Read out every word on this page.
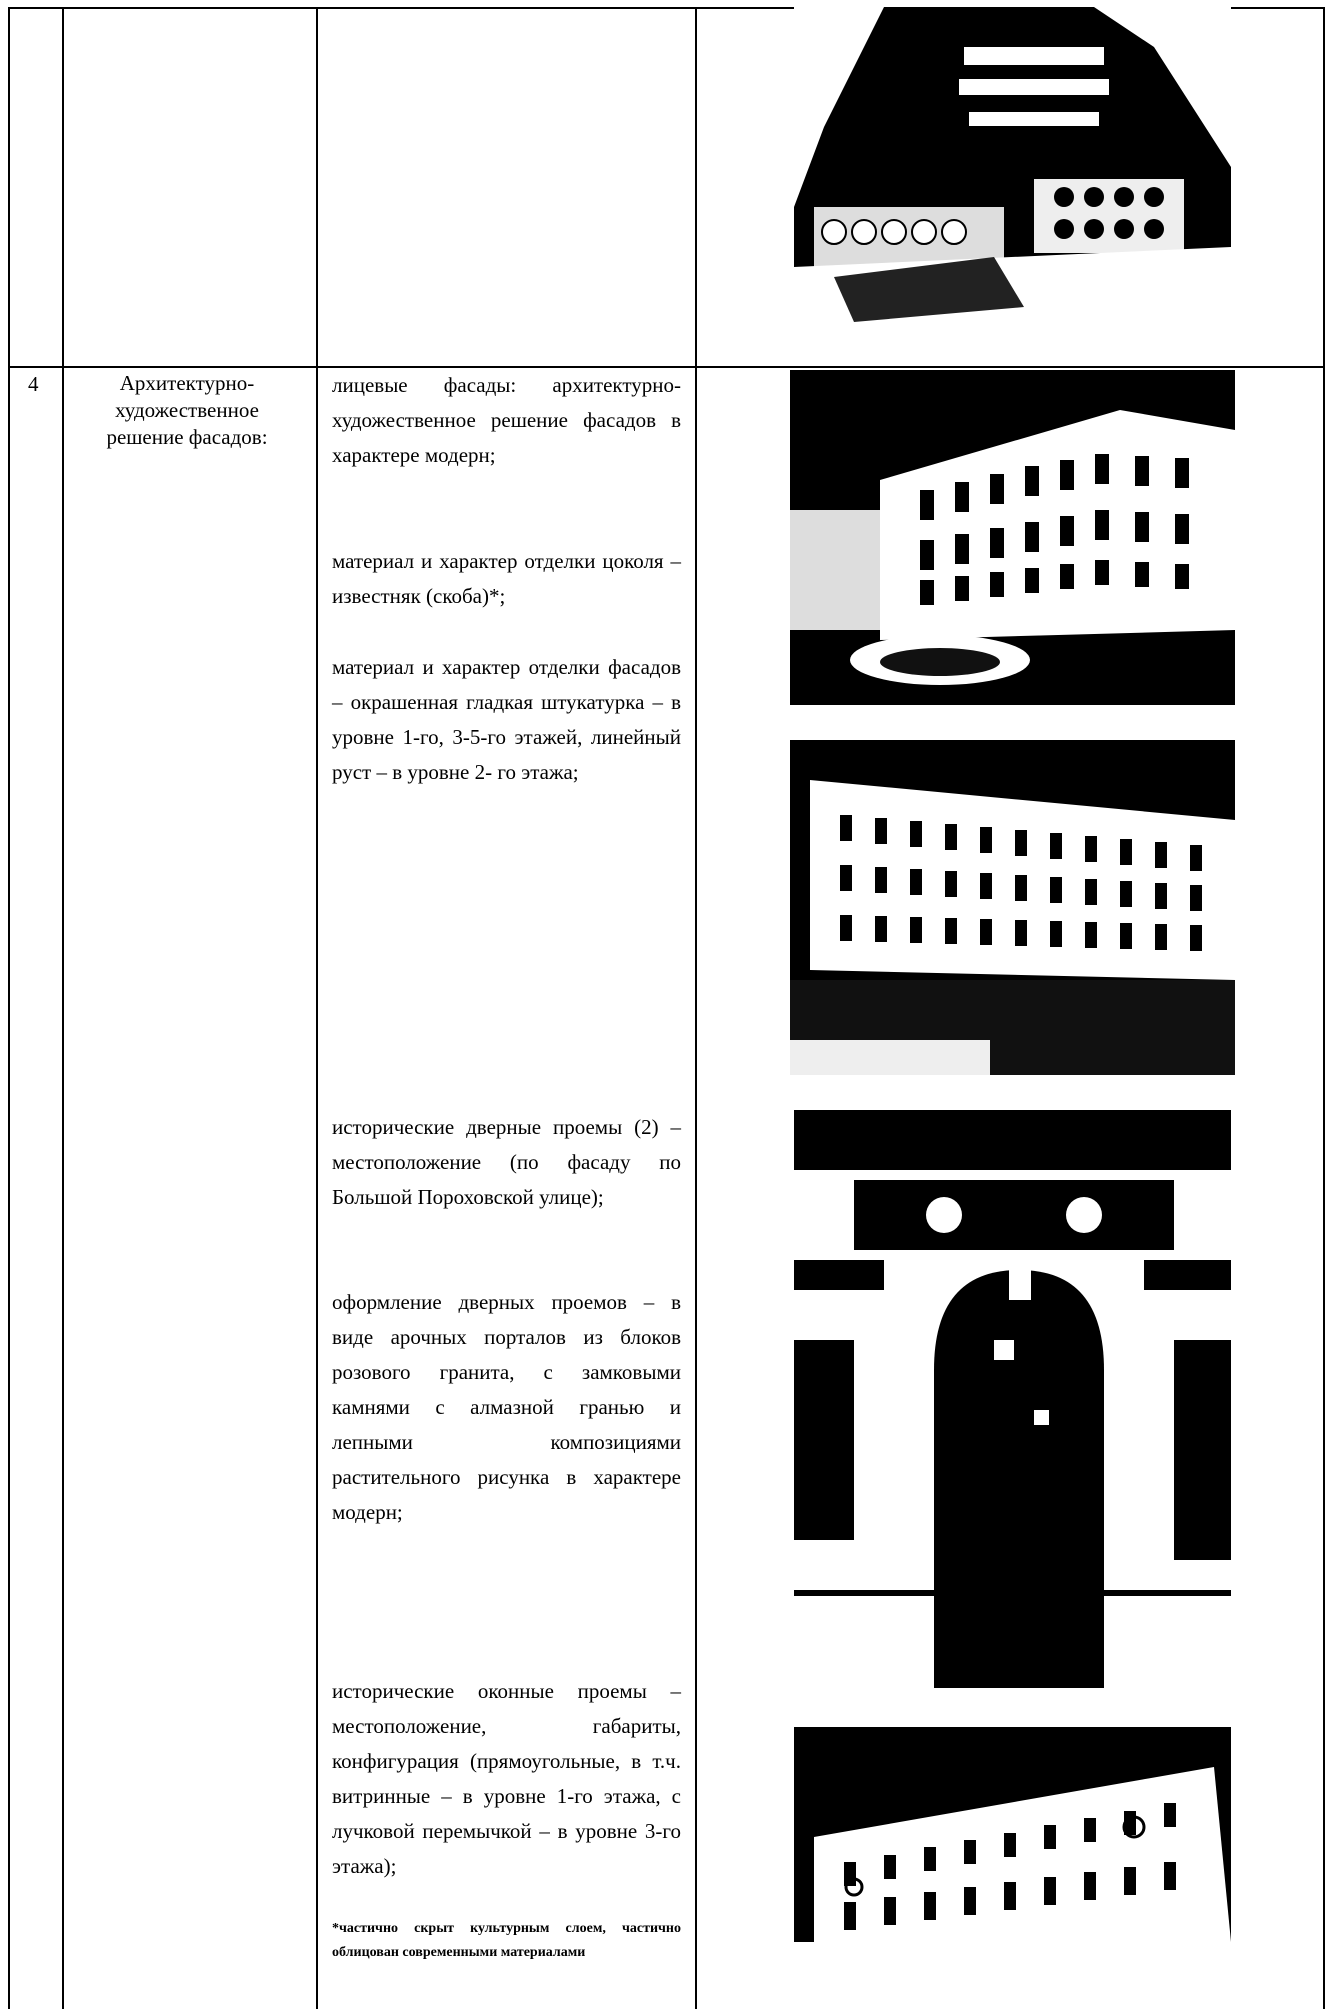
4	Архитектурно-художественное решение фасадов:

лицевые фасады: архитектурно-художественное решение фасадов в характере модерн;

материал и характер отделки цоколя – известняк (скоба)*;

материал и характер отделки фасадов – окрашенная гладкая штукатурка – в уровне 1-го, 3-5-го этажей, линейный руст – в уровне 2- го этажа;

исторические дверные проемы (2) – местоположение (по фасаду по Большой Пороховской улице);

оформление дверных проемов – в виде арочных порталов из блоков розового гранита, с замковыми камнями с алмазной гранью и лепными композициями растительного рисунка в характере модерн;

исторические оконные проемы – местоположение, габариты, конфигурация (прямоугольные, в т.ч. витринные – в уровне 1-го этажа, с лучковой перемычкой – в уровне 3-го этажа);

*частично скрыт культурным слоем, частично облицован современными материалами
